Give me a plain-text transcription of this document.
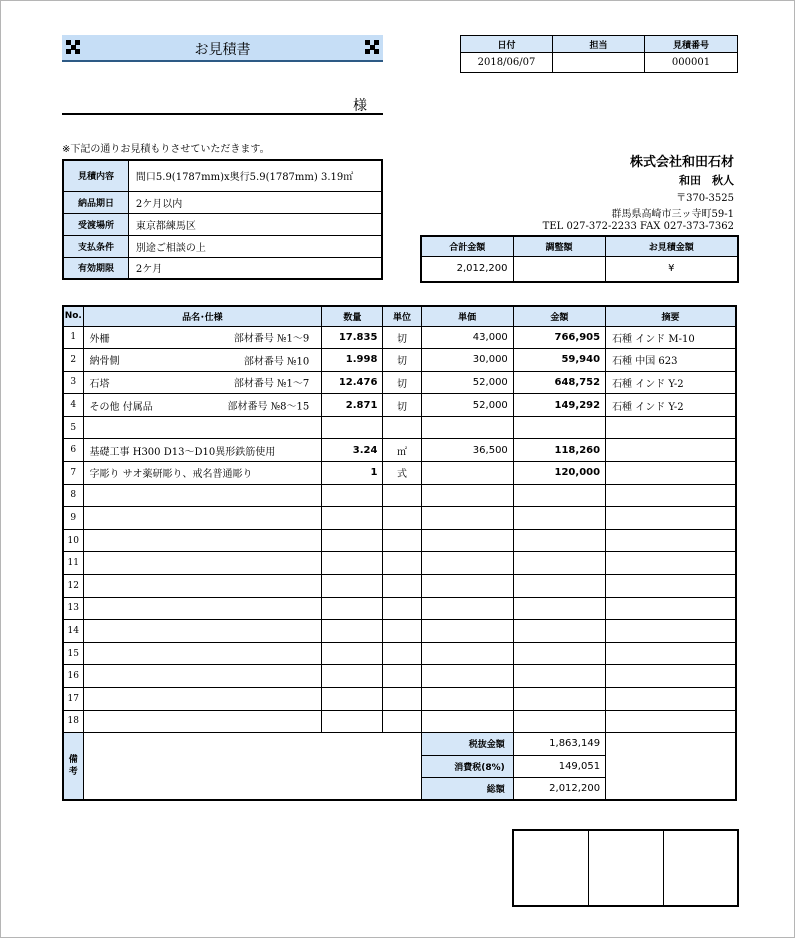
お見積書
様
※下記の通りお見積もりさせていただきます。
日付	担当	見積番号
2018/06/07		000001
見積内容	間口5.9(1787mm)x奥行5.9(1787mm) 3.19㎡
納品期日	2ケ月以内
受渡場所	東京都練馬区
支払条件	別途ご相談の上
有効期限	2ケ月
株式会社和田石材
和田　秋人
〒370-3525
群馬県高崎市三ッ寺町59-1
TEL 027-372-2233 FAX 027-373-7362
合計金額	調整額	お見積金額
2,012,200		¥
No.	品名･仕様	数量	単位	単価	金額	摘要
1	外柵 部材番号 №1～9	17.835	切	43,000	766,905	石種 インド M-10
2	納骨側 部材番号 №10	1.998	切	30,000	59,940	石種 中国 623
3	石塔 部材番号 №1～7	12.476	切	52,000	648,752	石種 インド Y-2
4	その他 付属品 部材番号 №8～15	2.871	切	52,000	149,292	石種 インド Y-2
5						
6	基礎工事 H300 D13～D10異形鉄筋使用	3.24	㎡	36,500	118,260	
7	字彫り サオ薬研彫り、戒名普通彫り	1	式		120,000	
8						
9						
10						
11						
12						
13						
14						
15						
16						
17						
18						
備考				税抜金額	1,863,149	
				消費税(8%)	149,051	
				総額	2,012,200	
